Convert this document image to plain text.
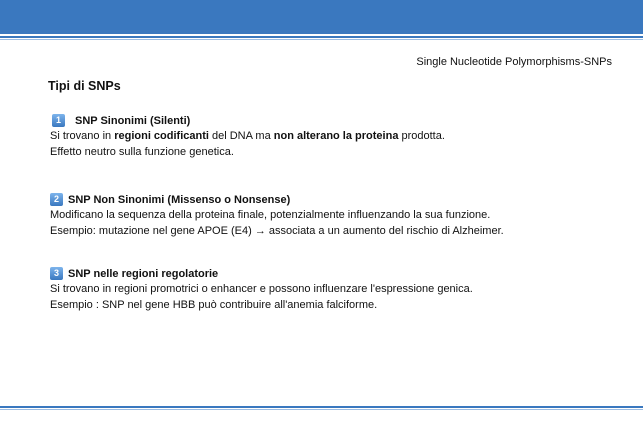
Single Nucleotide Polymorphisms-SNPs
Tipi di SNPs
1	SNP Sinonimi (Silenti)
Si trovano in regioni codificanti del DNA ma non alterano la proteina prodotta.
Effetto neutro sulla funzione genetica.
2 SNP Non Sinonimi (Missenso o Nonsense)
Modificano la sequenza della proteina finale, potenzialmente influenzando la sua funzione.
Esempio: mutazione nel gene APOE (E4) → associata a un aumento del rischio di Alzheimer.
3 SNP nelle regioni regolatorie
Si trovano in regioni promotrici o enhancer e possono influenzare l'espressione genica.
Esempio : SNP nel gene HBB può contribuire all'anemia falciforme.
